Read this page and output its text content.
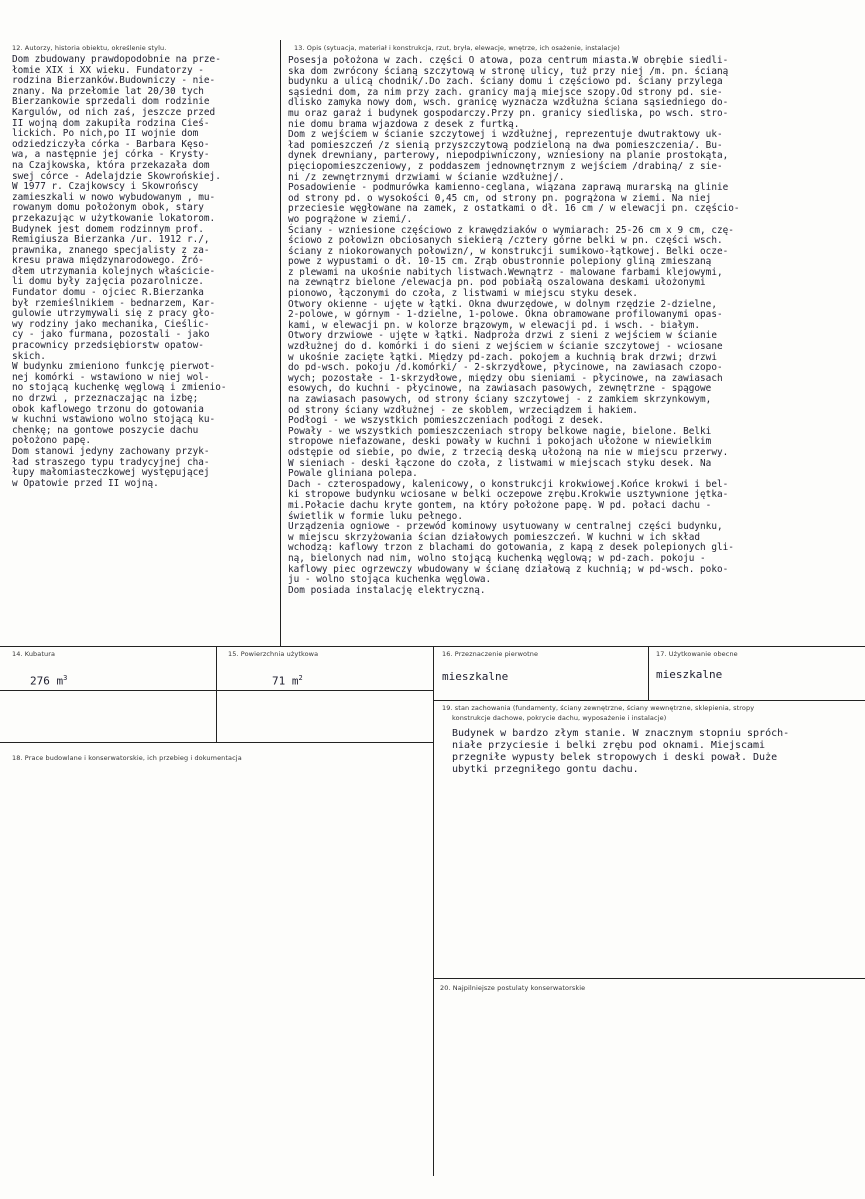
12. Autorzy, historia obiektu, określenie stylu.
Dom zbudowany prawdopodobnie na prze-
łomie XIX i XX wieku. Fundatorzy -
rodzina Bierzanków.Budowniczy - nie-
znany. Na przełomie lat 20/30 tych
Bierzankowie sprzedali dom rodzinie
Kargulów, od nich zaś, jeszcze przed
II wojną dom zakupiła rodzina Cieś-
lickich. Po nich,po II wojnie dom
odziedziczyła córka - Barbara Kęso-
wa, a następnie jej córka - Krysty-
na Czajkowska, która przekazała dom
swej córce - Adelajdzie Skowrońskiej.
W 1977 r. Czajkowscy i Skowrońscy
zamieszkali w nowo wybudowanym , mu-
rowanym domu położonym obok, stary
przekazując w użytkowanie lokatorom.
Budynek jest domem rodzinnym prof.
Remigiusza Bierzanka /ur. 1912 r./,
prawnika, znanego specjalisty z za-
kresu prawa międzynarodowego. Źró-
dłem utrzymania kolejnych właścicie-
li domu były zajęcia pozarolnicze.
Fundator domu - ojciec R.Bierzanka
był rzemieślnikiem - bednarzem, Kar-
gulowie utrzymywali się z pracy gło-
wy rodziny jako mechanika, Cieślic-
cy - jako furmana, pozostali - jako
pracownicy przedsiębiorstw opatow-
skich.
W budynku zmieniono funkcję pierwot-
nej komórki - wstawiono w niej wol-
no stojącą kuchenkę węglową i zmienio-
no drzwi , przeznaczając na izbę;
obok kaflowego trzonu do gotowania
w kuchni wstawiono wolno stojącą ku-
chenkę; na gontowe poszycie dachu
położono papę.
Dom stanowi jedyny zachowany przyk-
ład straszego typu tradycyjnej cha-
łupy małomiasteczkowej występującej
w Opatowie przed II wojną.
13. Opis (sytuacja, materiał i konstrukcja, rzut, bryła, elewacje, wnętrze, ich osażenie, instalacje)
Posesja położona w zach. części O atowa, poza centrum miasta.W obrębie siedli-
ska dom zwrócony ścianą szczytową w stronę ulicy, tuż przy niej /m. pn. ścianą
budynku a ulicą chodnik/.Do zach. ściany domu i częściowo pd. ściany przylega
sąsiedni dom, za nim przy zach. granicy mają miejsce szopy.Od strony pd. sie-
dlisko zamyka nowy dom, wsch. granicę wyznacza wzdłużna ściana sąsiedniego do-
mu oraz garaż i budynek gospodarczy.Przy pn. granicy siedliska, po wsch. stro-
nie domu brama wjazdowa z desek z furtką.
Dom z wejściem w ścianie szczytowej i wzdłużnej, reprezentuje dwutraktowy uk-
ład pomieszczeń /z sienią przyszczytową podzieloną na dwa pomieszczenia/. Bu-
dynek drewniany, parterowy, niepodpiwniczony, wzniesiony na planie prostokąta,
pięciopomieszczeniowy, z poddaszem jednownętrznym z wejściem /drabiną/ z sie-
ni /z zewnętrznymi drzwiami w ścianie wzdłużnej/.
Posadowienie - podmurówka kamienno-ceglana, wiązana zaprawą murarską na glinie
od strony pd. o wysokości 0,45 cm, od strony pn. pogrążona w ziemi. Na niej
przeciesie węgłowane na zamek, z ostatkami o dł. 16 cm / w elewacji pn. częścio-
wo pogrążone w ziemi/.
Ściany - wzniesione częściowo z krawędziaków o wymiarach: 25-26 cm x 9 cm, czę-
ściowo z połowizn obciosanych siekierą /cztery górne belki w pn. części wsch.
ściany z niokorowanych połowizn/, w konstrukcji sumikowo-łątkowej. Belki ocze-
powe z wypustami o dł. 10-15 cm. Zrąb obustronnie polepiony gliną zmieszaną
z plewami na ukośnie nabitych listwach.Wewnątrz - malowane farbami klejowymi,
na zewnątrz bielone /elewacja pn. pod pobiałą oszalowana deskami ułożonymi
pionowo, łączonymi do czoła, z listwami w miejscu styku desek.
Otwory okienne - ujęte w łątki. Okna dwurzędowe, w dolnym rzędzie 2-dzielne,
2-polowe, w górnym - 1-dzielne, 1-polowe. Okna obramowane profilowanymi opas-
kami, w elewacji pn. w kolorze brązowym, w elewacji pd. i wsch. - białym.
Otwory drzwiowe - ujęte w łątki. Nadproża drzwi z sieni z wejściem w ścianie
wzdłużnej do d. komórki i do sieni z wejściem w ścianie szczytowej - wciosane
w ukośnie zacięte łątki. Między pd-zach. pokojem a kuchnią brak drzwi; drzwi
do pd-wsch. pokoju /d.komórki/ - 2-skrzydłowe, płycinowe, na zawiasach czopo-
wych; pozostałe - 1-skrzydłowe, między obu sieniami - płycinowe, na zawiasach
esowych, do kuchni - płycinowe, na zawiasach pasowych, zewnętrzne - spągowe
na zawiasach pasowych, od strony ściany szczytowej - z zamkiem skrzynkowym,
od strony ściany wzdłużnej - ze skoblem, wrzeciądzem i hakiem.
Podłogi - we wszystkich pomieszczeniach podłogi z desek.
Powały - we wszystkich pomieszczeniach stropy belkowe nagie, bielone. Belki
stropowe niefazowane, deski powały w kuchni i pokojach ułożone w niewielkim
odstępie od siebie, po dwie, z trzecią deską ułożoną na nie w miejscu przerwy.
W sieniach - deski łączone do czoła, z listwami w miejscach styku desek. Na
Powale gliniana polepa.
Dach - czterospadowy, kalenicowy, o konstrukcji krokwiowej.Końce krokwi i bel-
ki stropowe budynku wciosane w belki oczepowe zrębu.Krokwie usztywnione jętka-
mi.Połacie dachu kryte gontem, na który położone papę. W pd. połaci dachu -
świetlik w formie luku pełnego.
Urządzenia ogniowe - przewód kominowy usytuowany w centralnej części budynku,
w miejscu skrzyżowania ścian działowych pomieszczeń. W kuchni w ich skład
wchodzą: kaflowy trzon z blachami do gotowania, z kapą z desek polepionych gli-
ną, bielonych nad nim, wolno stojącą kuchenką węglową; w pd-zach. pokoju -
kaflowy piec ogrzewczy wbudowany w ścianę działową z kuchnią; w pd-wsch. poko-
ju - wolno stojąca kuchenka węglowa.
Dom posiada instalację elektryczną.
14. Kubatura
276 $m^3$
15. Powierzchnia użytkowa
71 $m^2$
16. Przeznaczenie pierwotne
mieszkalne
17. Użytkowanie obecne
mieszkalne
18. Prace budowlane i konserwatorskie, ich przebieg i dokumentacja
19. stan zachowania (fundamenty, ściany zewnętrzne, ściany wewnętrzne, sklepienia, stropy
konstrukcje dachowe, pokrycie dachu, wyposażenie i instalacje)
Budynek w bardzo złym stanie. W znacznym stopniu spróch-
niałe przyciesie i belki zrębu pod oknami. Miejscami
przegniłe wypusty belek stropowych i deski pował. Duże
ubytki przegniłego gontu dachu.
20. Najpilniejsze postulaty konserwatorskie
